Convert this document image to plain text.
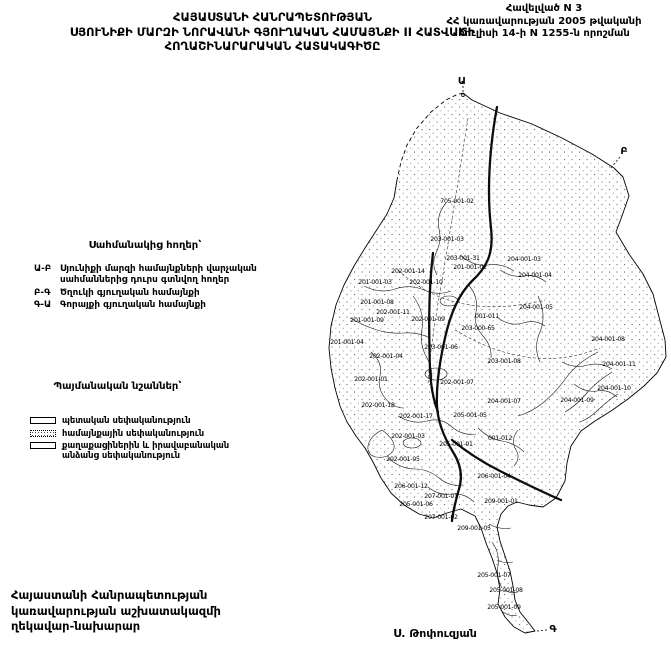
Հավելված N 3
ՀՀ կառավարության 2005 թվականի
հուլիսի 14-ի N 1255-ն որոշման
ՀԱՅԱՍՏԱՆԻ ՀԱՆՐԱՊԵՏՈՒԹՅԱՆ
ՍՅՈՒՆԻՔԻ ՄԱՐԶԻ ՆՈՐԱՎԱՆԻ ԳՅՈՒՂԱԿԱՆ ՀԱՄԱՅՆՔԻ II ՀԱՏՎԱԾԻ
ՀՈՂԱՇԻՆԱՐԱՐԱԿԱՆ ՀԱՏԱԿԱԳԻԾԸ
Սահմանակից հողեր՝
Ա-Բ Սյունիքի մարզի համայնքների վարչական սահմաններից դուրս գտնվող հողեր
Բ-Գ	Ծղուկի գյուղական համայնքի
Գ-Ա Գորայքի գյուղական համայնքի
Պայմանական նշաններ՝
պետական սեփականություն
համայնքային սեփականություն
քաղաքացիներին և իրավաբանական անձանց սեփականություն
Հայաստանի Հանրապետության
կառավարության աշխատակազմի
ղեկավար-նախարար
Ս. Թոփուզյան
705-001-02
203-001-03
203-001-31
201-001-02
204-001-03
204-001-04
204-001-05
202-001-14
201-001-03	202-001-10
201-001-08
202-001-11
201-001-09	202-001-09	001-011
203-000-65
201-001-04
203-001-06
202-001-04
203-001-08
202-001-01	202-001-07
202-001-18
204-001-07
202-001-17	205-001-05
202-001-03
205-001-01
001-012
202-001-05
206-001-04
206-001-12
207-001-01
205-001-06	209-001-01
207-001-02
209-001-05
204-001-08
204-001-11
204-001-10
204-001-09
205-001-07
205-001-08
205-001-09
Ա
Բ
Գ
